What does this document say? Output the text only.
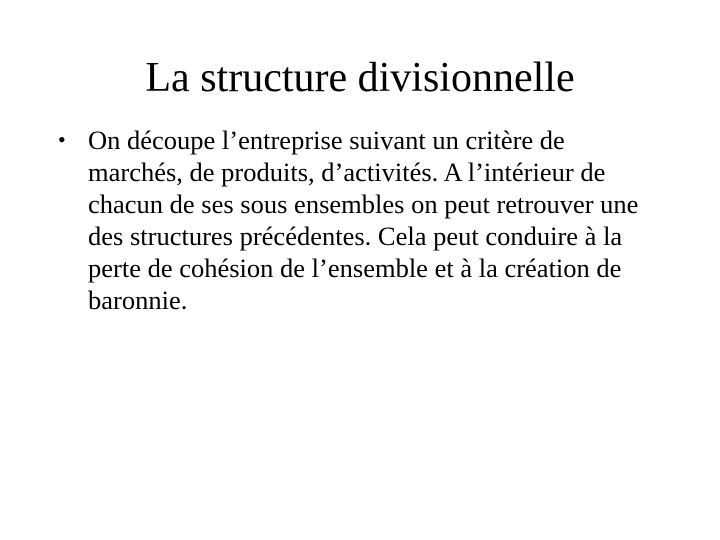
La structure divisionnelle
• On découpe l’entreprise suivant un critère de marchés, de produits, d’activités. A l’intérieur de chacun de ses sous ensembles on peut retrouver une des structures précédentes. Cela peut conduire à la perte de cohésion de l’ensemble et à la création de baronnie.
